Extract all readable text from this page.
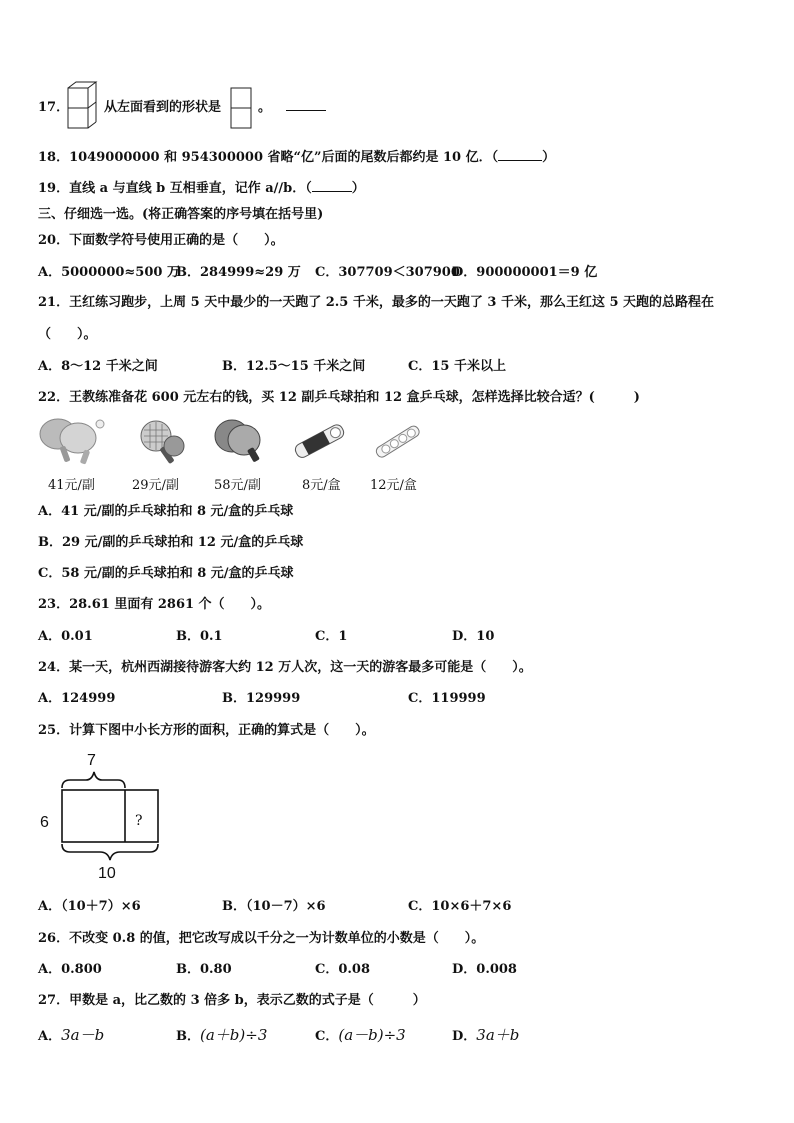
17．	从左面看到的形状是	。
18．1049000000 和 954300000 省略“亿”后面的尾数后都约是 10 亿．（	）
19．直线 a 与直线 b 互相垂直，记作 a//b．（	）
三、仔细选一选。(将正确答案的序号填在括号里)
20．下面数学符号使用正确的是（　　）。
A．5000000≈500 万
B．284999≈29 万 C．307709＜307900
D．900000001＝9 亿
21．王红练习跑步，上周 5 天中最少的一天跑了 2.5 千米，最多的一天跑了 3 千米，那么王红这 5 天跑的总路程在
（　　）。
A．8～12 千米之间	B．12.5～15 千米之间	C．15 千米以上
22．王教练准备花 600 元左右的钱，买 12 副乒乓球拍和 12 盒乒乓球，怎样选择比较合适？(　　　)
41元/副	29元/副	58元/副	8元/盒 12元/盒
A．41 元/副的乒乓球拍和 8 元/盒的乒乓球
B．29 元/副的乒乓球拍和 12 元/盒的乒乓球
C．58 元/副的乒乓球拍和 8 元/盒的乒乓球
23．28.61 里面有 2861 个（　　）。
A．0.01	B．0.1	C．1	D．10
24．某一天，杭州西湖接待游客大约 12 万人次，这一天的游客最多可能是（　　）。
A．124999	B．129999	C．119999
25．计算下图中小长方形的面积，正确的算式是（　　）。
7
6
10
?
A．（10＋7）×6	B．（10－7）×6	C．10×6＋7×6
26．不改变 0.8 的值，把它改写成以千分之一为计数单位的小数是（　　）。
A．0.800	B．0.80	C．0.08	D．0.008
27．甲数是 a，比乙数的 3 倍多 b，表示乙数的式子是（　　　）
A．3a－b	B．(a＋b)÷3	C．(a－b)÷3	D．3a＋b
